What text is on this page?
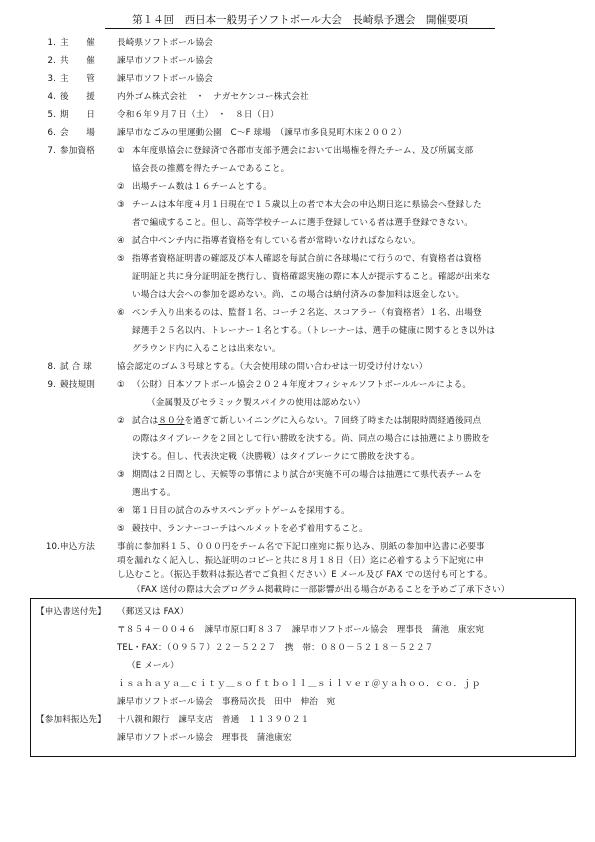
第１４回　西日本一般男子ソフトボール大会　長崎県予選会　開催要項
1. 主　　催	長崎県ソフトボール協会
2. 共　　催	諫早市ソフトボール協会
3. 主　　管	諫早市ソフトボール協会
4. 後　　援	内外ゴム株式会社　・　ナガセケンコー株式会社
5. 期　　日	令和６年９月７日（土）　・　８日（日）
6. 会　　場	諫早市なごみの里運動公園　C～F 球場　（諫早市多良見町木床２００２）
7. 参加資格	① 本年度県協会に登録済で各郡市支部予選会において出場権を得たチーム、及び所属支部
協会長の推薦を得たチームであること。
② 出場チーム数は１６チームとする。
③ チームは本年度４月１日現在で１５歳以上の者で本大会の申込期日迄に県協会へ登録した
者で編成すること。但し、高等学校チームに選手登録している者は選手登録できない。
④ 試合中ベンチ内に指導者資格を有している者が常時いなければならない。
⑤ 指導者資格証明書の確認及び本人確認を每試合前に各球場にて行うので、有資格者は資格
証明証と共に身分証明証を携行し、資格確認実施の際に本人が提示すること。確認が出来な
い場合は大会への参加を認めない。尚、この場合は納付済みの参加料は返金しない。
⑥ ベンチ入り出来るのは、監督１名、コーチ２名迄、スコアラー（有資格者）１名、出場登
録選手２５名以内、トレーナー１名とする。（トレーナーは、選手の健康に関するとき以外は
グラウンド内に入ることは出来ない。
8. 試 合 球	協会認定のゴム３号球とする。（大会使用球の問い合わせは一切受け付けない）
9. 競技規則	① （公財）日本ソフトボール協会２０２４年度オフィシャルソフトボールルールによる。
（金属製及びセラミック製スパイクの使用は認めない）
② 試合は８０分を過ぎて新しいイニングに入らない。７回終了時または制限時間経過後同点
の際はタイブレークを２回として行い勝敗を決する。尚、同点の場合には抽選により勝敗を
決する。但し、代表決定戦（決勝戦）はタイブレークにて勝敗を決する。
③ 期間は２日間とし、天候等の事情により試合が実施不可の場合は抽選にて県代表チームを
選出する。
④ 第１日目の試合のみサスペンデットゲームを採用する。
⑤ 競技中、ランナーコーチはヘルメットを必ず着用すること。
10. 申込方法	事前に参加料１５、０００円をチーム名で下記口座宛に振り込み、別紙の参加申込書に必要事
項を漏れなく記入し、振込証明のコピーと共に８月１８日（日）迄に必着するよう下記宛に申
し込むこと。（振込手数料は振込者でご負担ください）E メール及び FAX での送付も可とする。
（FAX 送付の際は大会プログラム掲載時に一部影響が出る場合があることを予めご了承下さい）
【申込書送付先】 （郵送又は FAX）
〒８５４－００４６　諫早市原口町８３７　諫早市ソフトボール協会　理事長　蒲池　康宏宛
TEL・FAX：（０９５７）２２－５２２７　携　帯：０８０－５２１８－５２２７
（E メール）
ｉｓａｈａｙａ＿ｃｉｔｙ＿ｓｏｆｔｂｏｌｌ＿ｓｉｌｖｅｒ＠ｙａｈｏｏ．ｃｏ．ｊｐ
諫早市ソフトボール協会　事務局次長　田中　伸治　宛
【参加料振込先】 十八親和銀行　諫早支店　普通　１１３９０２１
諫早市ソフトボール協会　理事長　蒲池康宏
